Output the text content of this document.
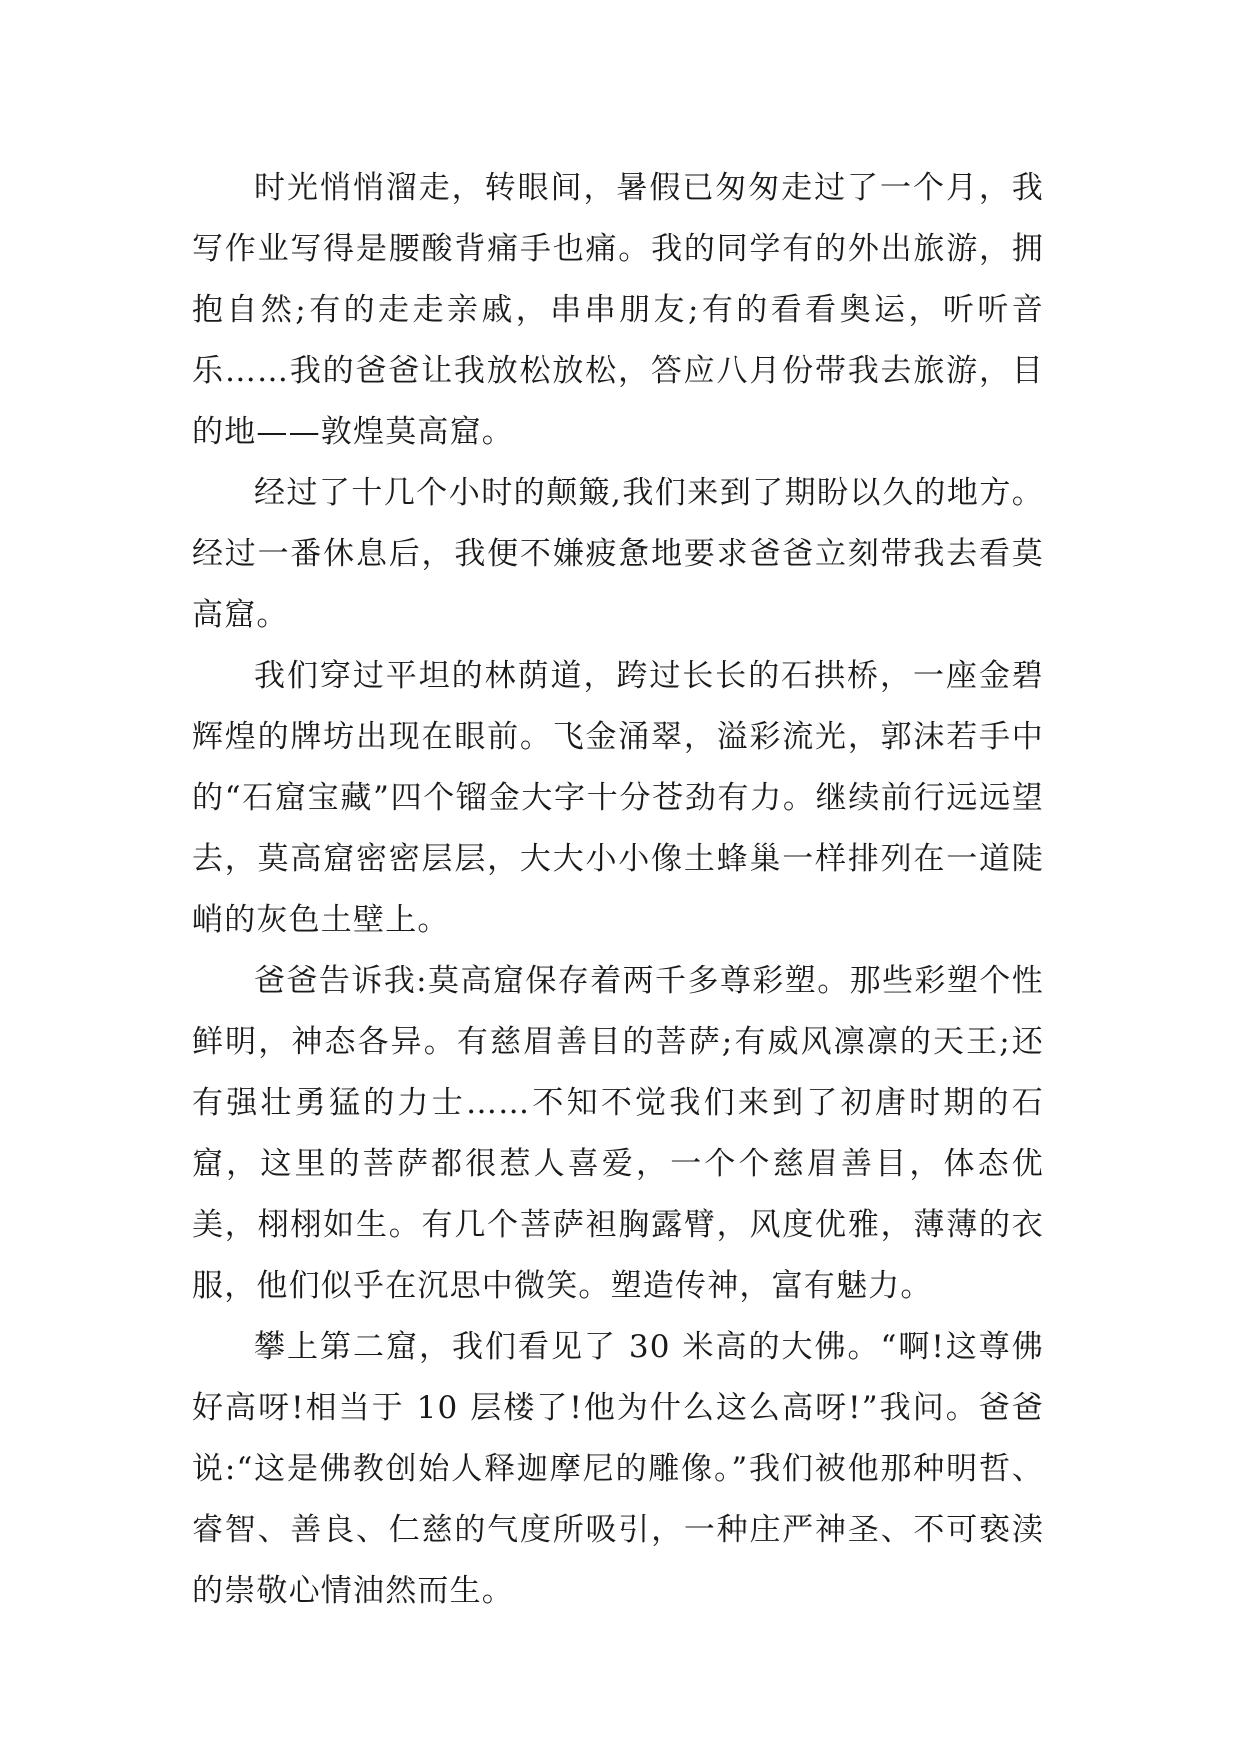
时光悄悄溜走，转眼间，暑假已匆匆走过了一个月，我写作业写得是腰酸背痛手也痛。我的同学有的外出旅游，拥抱自然;有的走走亲戚，串串朋友;有的看看奥运，听听音乐……我的爸爸让我放松放松，答应八月份带我去旅游，目的地——敦煌莫高窟。

经过了十几个小时的颠簸,我们来到了期盼以久的地方。经过一番休息后，我便不嫌疲惫地要求爸爸立刻带我去看莫高窟。

我们穿过平坦的林荫道，跨过长长的石拱桥，一座金碧辉煌的牌坊出现在眼前。飞金涌翠，溢彩流光，郭沫若手中的“石窟宝藏”四个镏金大字十分苍劲有力。继续前行远远望去，莫高窟密密层层，大大小小像土蜂巢一样排列在一道陡峭的灰色土壁上。

爸爸告诉我:莫高窟保存着两千多尊彩塑。那些彩塑个性鲜明，神态各异。有慈眉善目的菩萨;有威风凛凛的天王;还有强壮勇猛的力士……不知不觉我们来到了初唐时期的石窟，这里的菩萨都很惹人喜爱，一个个慈眉善目，体态优美，栩栩如生。有几个菩萨袒胸露臂，风度优雅，薄薄的衣服，他们似乎在沉思中微笑。塑造传神，富有魅力。

攀上第二窟，我们看见了 30 米高的大佛。“啊!这尊佛好高呀!相当于 10 层楼了!他为什么这么高呀!”我问。爸爸说:“这是佛教创始人释迦摩尼的雕像。”我们被他那种明哲、睿智、善良、仁慈的气度所吸引，一种庄严神圣、不可亵渎的崇敬心情油然而生。
